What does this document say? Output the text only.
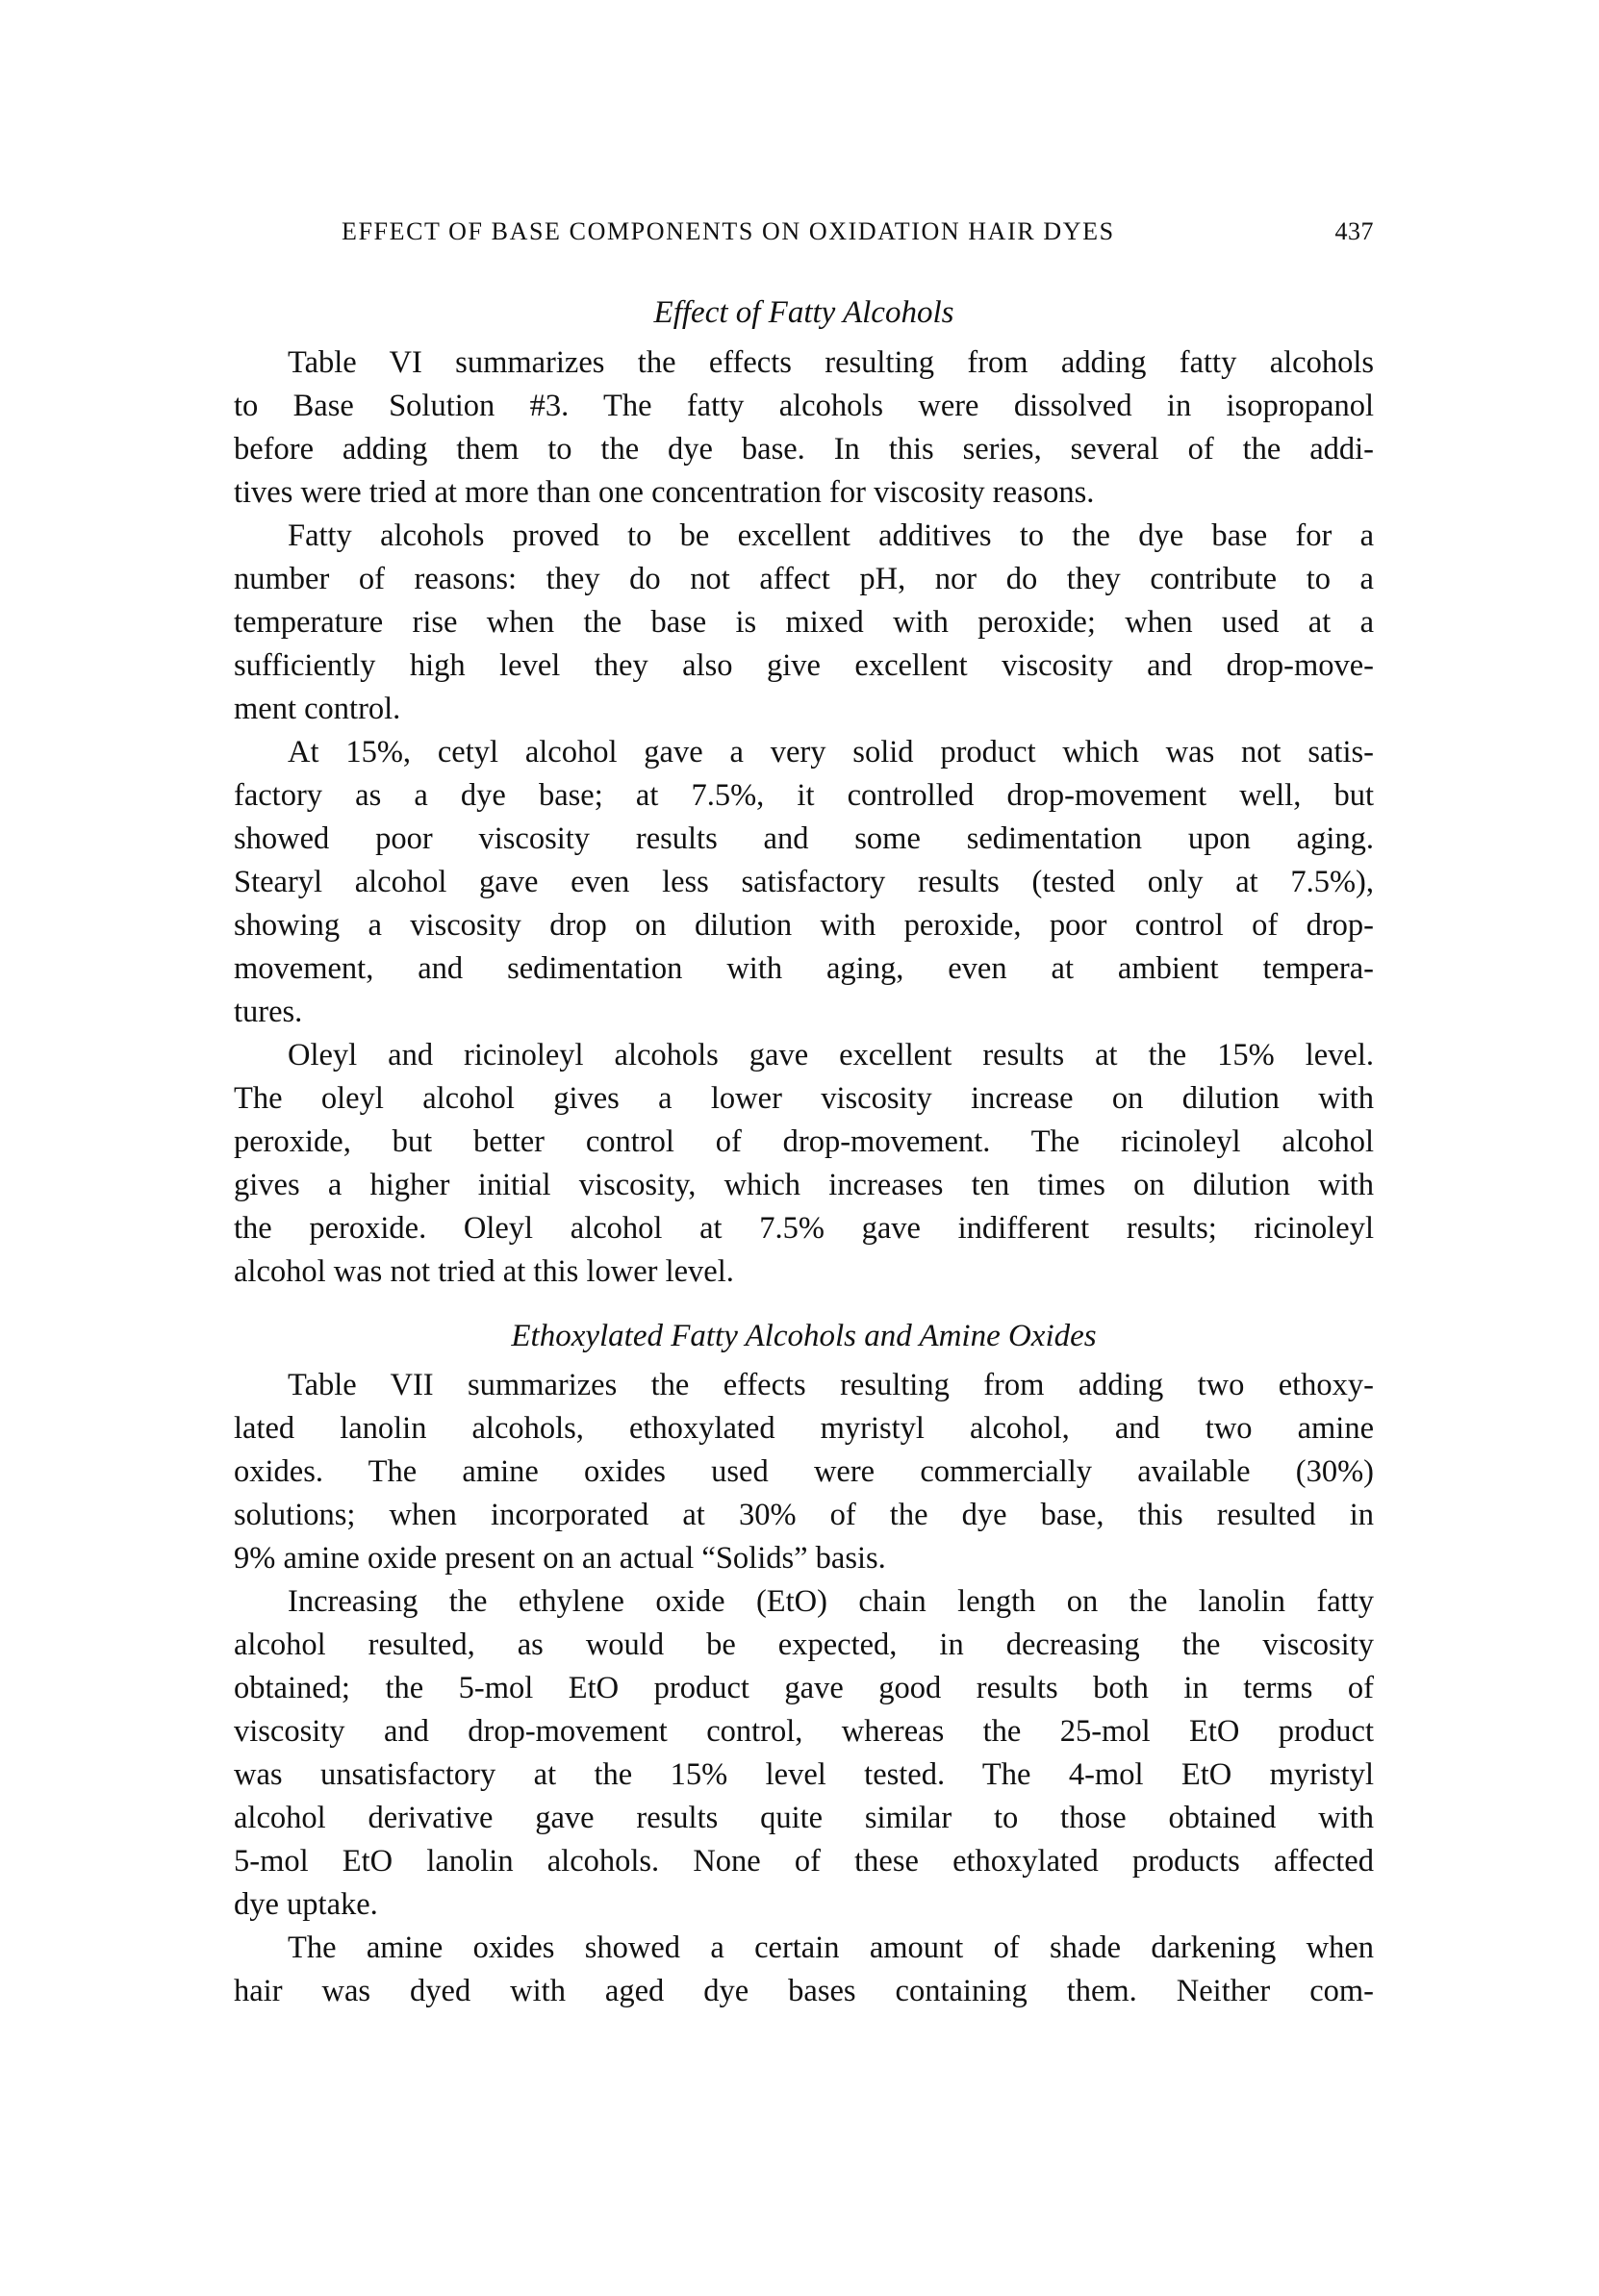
EFFECT OF BASE COMPONENTS ON OXIDATION HAIR DYES	437
Effect of Fatty Alcohols
Table VI summarizes the effects resulting from adding fatty alcohols
to Base Solution #3. The fatty alcohols were dissolved in isopropanol
before adding them to the dye base. In this series, several of the addi-
tives were tried at more than one concentration for viscosity reasons.
Fatty alcohols proved to be excellent additives to the dye base for a
number of reasons: they do not affect pH, nor do they contribute to a
temperature rise when the base is mixed with peroxide; when used at a
sufficiently high level they also give excellent viscosity and drop-move-
ment control.
At 15%, cetyl alcohol gave a very solid product which was not satis-
factory as a dye base; at 7.5%, it controlled drop-movement well, but
showed poor viscosity results and some sedimentation upon aging.
Stearyl alcohol gave even less satisfactory results (tested only at 7.5%),
showing a viscosity drop on dilution with peroxide, poor control of drop-
movement, and sedimentation with aging, even at ambient tempera-
tures.
Oleyl and ricinoleyl alcohols gave excellent results at the 15% level.
The oleyl alcohol gives a lower viscosity increase on dilution with
peroxide, but better control of drop-movement. The ricinoleyl alcohol
gives a higher initial viscosity, which increases ten times on dilution with
the peroxide. Oleyl alcohol at 7.5% gave indifferent results; ricinoleyl
alcohol was not tried at this lower level.
Ethoxylated Fatty Alcohols and Amine Oxides
Table VII summarizes the effects resulting from adding two ethoxy-
lated lanolin alcohols, ethoxylated myristyl alcohol, and two amine
oxides. The amine oxides used were commercially available (30%)
solutions; when incorporated at 30% of the dye base, this resulted in
9% amine oxide present on an actual “Solids” basis.
Increasing the ethylene oxide (EtO) chain length on the lanolin fatty
alcohol resulted, as would be expected, in decreasing the viscosity
obtained; the 5-mol EtO product gave good results both in terms of
viscosity and drop-movement control, whereas the 25-mol EtO product
was unsatisfactory at the 15% level tested. The 4-mol EtO myristyl
alcohol derivative gave results quite similar to those obtained with
5-mol EtO lanolin alcohols. None of these ethoxylated products affected
dye uptake.
The amine oxides showed a certain amount of shade darkening when
hair was dyed with aged dye bases containing them. Neither com-
